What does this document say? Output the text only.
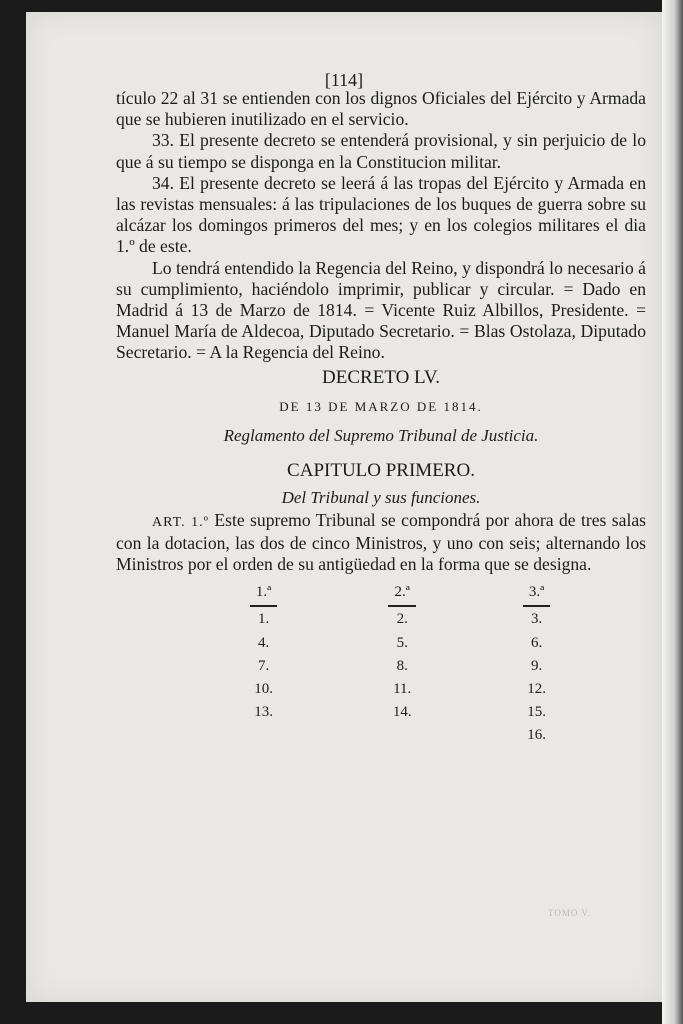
[114]

tículo 22 al 31 se entienden con los dignos Oficiales del Ejército y Armada que se hubieren inutilizado en el servicio.

33. El presente decreto se entenderá provisional, y sin perjuicio de lo que á su tiempo se disponga en la Constitucion militar.

34. El presente decreto se leerá á las tropas del Ejército y Armada en las revistas mensuales: á las tripulaciones de los buques de guerra sobre su alcázar los domingos primeros del mes; y en los colegios militares el dia 1.º de este.

Lo tendrá entendido la Regencia del Reino, y dispondrá lo necesario á su cumplimiento, haciéndolo imprimir, publicar y circular. = Dado en Madrid á 13 de Marzo de 1814. = Vicente Ruiz Albillos, Presidente. = Manuel María de Aldecoa, Diputado Secretario. = Blas Ostolaza, Diputado Secretario. = A la Regencia del Reino.

DECRETO LV.
DE 13 DE MARZO DE 1814.
Reglamento del Supremo Tribunal de Justicia.
CAPITULO PRIMERO.
Del Tribunal y sus funciones.

ART. 1.º Este supremo Tribunal se compondrá por ahora de tres salas con la dotacion, las dos de cinco Ministros, y uno con seis; alternando los Ministros por el orden de su antigüedad en la forma que se designa.

1.ª	2.ª	3.ª
1.	2.	3.
4.	5.	6.
7.	8.	9.
10.	11.	12.
13.	14.	15.
		16.
TOMO V.
